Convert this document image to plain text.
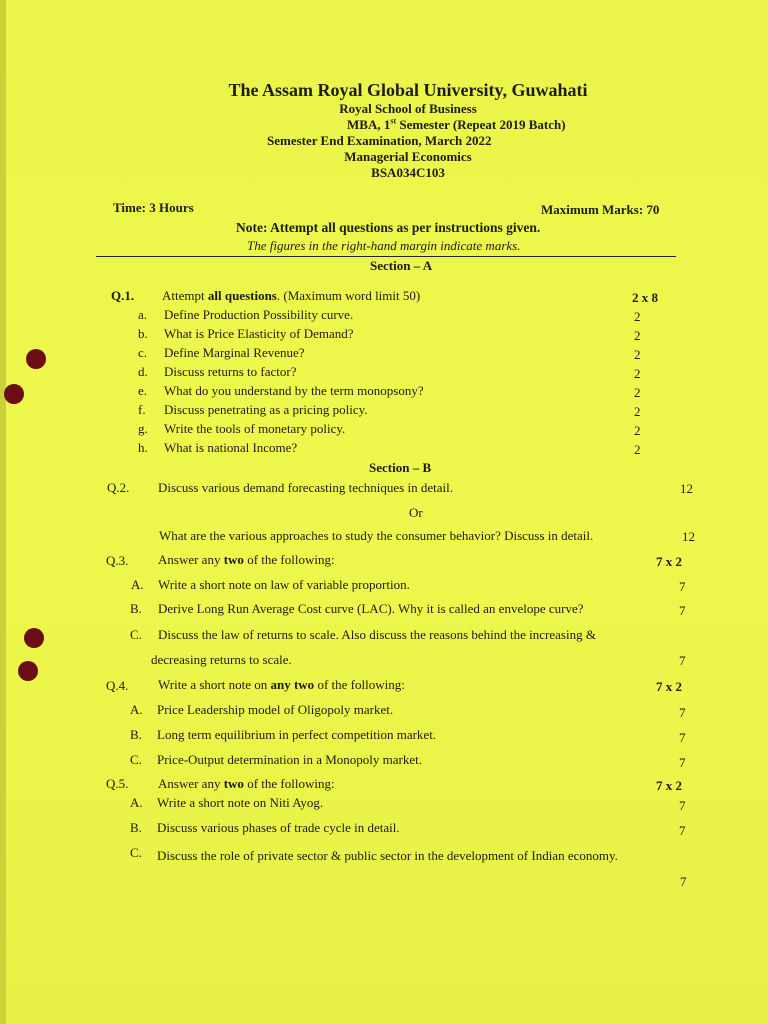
The Assam Royal Global University, Guwahati
Royal School of Business
MBA, 1st Semester (Repeat 2019 Batch)
Semester End Examination, March 2022
Managerial Economics
BSA034C103
Time: 3 Hours	Maximum Marks: 70
Note: Attempt all questions as per instructions given.
The figures in the right-hand margin indicate marks.
Section – A
Q.1. Attempt all questions. (Maximum word limit 50)	2 x 8
a. Define Production Possibility curve.	2
b. What is Price Elasticity of Demand?	2
c. Define Marginal Revenue?	2
d. Discuss returns to factor?	2
e. What do you understand by the term monopsony?	2
f. Discuss penetrating as a pricing policy.	2
g. Write the tools of monetary policy.	2
h. What is national Income?	2
Section – B
Q.2. Discuss various demand forecasting techniques in detail.	12
Or
What are the various approaches to study the consumer behavior? Discuss in detail.	12
Q.3. Answer any two of the following:	7 x 2
A. Write a short note on law of variable proportion.	7
B. Derive Long Run Average Cost curve (LAC). Why it is called an envelope curve?	7
C. Discuss the law of returns to scale. Also discuss the reasons behind the increasing &
decreasing returns to scale.	7
Q.4. Write a short note on any two of the following:	7 x 2
A. Price Leadership model of Oligopoly market.	7
B. Long term equilibrium in perfect competition market.	7
C. Price-Output determination in a Monopoly market.	7
Q.5. Answer any two of the following:	7 x 2
A. Write a short note on Niti Ayog.	7
B. Discuss various phases of trade cycle in detail.	7
C. Discuss the role of private sector & public sector in the development of Indian economy.
7
